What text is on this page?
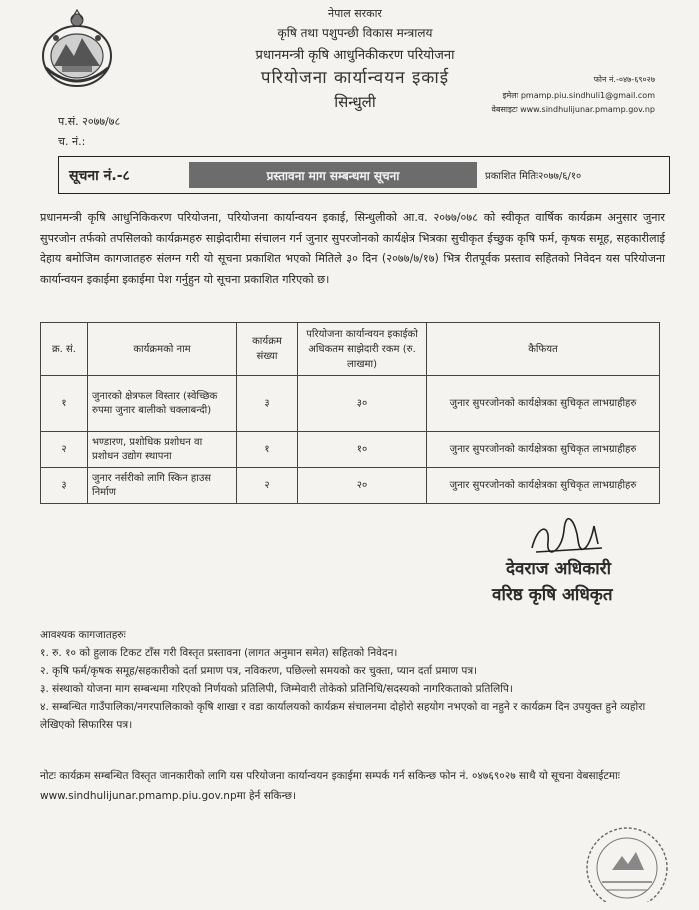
नेपाल सरकार
कृषि तथा पशुपन्छी विकास मन्त्रालय
प्रधानमन्त्री कृषि आधुनिकीकरण परियोजना
परियोजना कार्यान्वयन इकाई
सिन्धुली
फोन नं.-०४७-६९०२७
इमेलः pmamp.piu.sindhuli1@gmail.com
वेबसाइटः www.sindhulijunar.pmamp.gov.np
प.सं. २०७७/७८
च. नं.:
सूचना नं.-८	प्रस्तावना माग सम्बन्धमा सूचना	प्रकाशित मितिः२०७७/६/१०
प्रधानमन्त्री कृषि आधुनिकिकरण परियोजना, परियोजना कार्यान्वयन इकाई, सिन्धुलीको आ.व. २०७७/०७८ को स्वीकृत वार्षिक कार्यक्रम अनुसार जुनार सुपरजोन तर्फको तपसिलको कार्यक्रमहरु साझेदारीमा संचालन गर्न जुनार सुपरजोनको कार्यक्षेत्र भित्रका सुचीकृत ईच्छुक कृषि फर्म, कृषक समूह, सहकारीलाई देहाय बमोजिम कागजातहरु संलग्न गरी यो सूचना प्रकाशित भएको मितिले ३० दिन (२०७७/७/१७) भित्र रीतपूर्वक प्रस्ताव सहितको निवेदन यस परियोजना कार्यान्वयन इकाईमा इकाईमा पेश गर्नुहुन यो सूचना प्रकाशित गरिएको छ।
क्र. सं.	कार्यक्रमको नाम	कार्यक्रम संख्या	परियोजना कार्यान्वयन इकाईको अधिकतम साझेदारी रकम (रु. लाखमा)	कैफियत
१	जुनारको क्षेत्रफल विस्तार (स्वेच्छिक रुपमा जुनार बालीको चक्लाबन्दी)	३	३०	जुनार सुपरजोनको कार्यक्षेत्रका सुचिकृत लाभग्राहीहरु
२	भण्डारण, प्रशोधिक प्रशोधन वा प्रशोधन उद्योग स्थापना	१	१०	जुनार सुपरजोनको कार्यक्षेत्रका सुचिकृत लाभग्राहीहरु
३	जुनार नर्सरीको लागि स्किन हाउस निर्माण	२	२०	जुनार सुपरजोनको कार्यक्षेत्रका सुचिकृत लाभग्राहीहरु
देवराज अधिकारी
वरिष्ठ कृषि अधिकृत
आवश्यक कागजातहरुः
१. रु. १० को हुलाक टिकट टाँस गरी विस्तृत प्रस्तावना (लागत अनुमान समेत) सहितको निवेदन।
२. कृषि फर्म/कृषक समूह/सहकारीको दर्ता प्रमाण पत्र, नविकरण, पछिल्लो समयको कर चुक्ता, प्यान दर्ता प्रमाण पत्र।
३. संस्थाको योजना माग सम्बन्धमा गरिएको निर्णयको प्रतिलिपी, जिम्मेवारी तोकेको प्रतिनिधि/सदस्यको नागरिकताको प्रतिलिपि।
४. सम्बन्धित गाउँपालिका/नगरपालिकाको कृषि शाखा र वडा कार्यालयको कार्यक्रम संचालनमा दोहोरो सहयोग नभएको वा नहुने र कार्यक्रम दिन उपयुक्त हुने व्यहोरा लेखिएको सिफारिस पत्र।
नोटः कार्यक्रम सम्बन्धित विस्तृत जानकारीको लागि यस परियोजना कार्यान्वयन इकाईमा सम्पर्क गर्न सकिन्छ फोन नं. ०४७६९०२७ साथै यो सूचना वेबसाईटमाः www.sindhulijunar.pmamp.piu.gov.npमा हेर्न सकिन्छ।
